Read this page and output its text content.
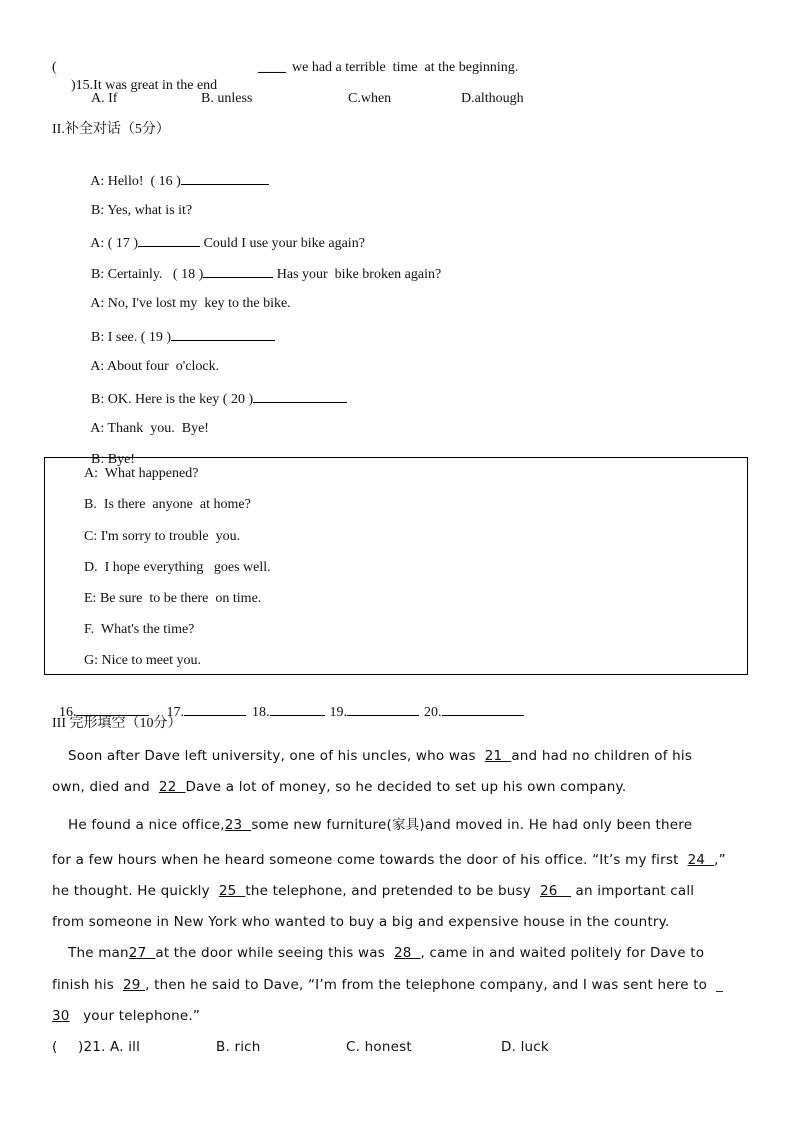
(

)15.It was great in the end

____ we had a terrible  time  at the beginning.
A. If	B. unless	C.when	D.although
II.补全对话（5分）

A: Hello!  ( 16 )

B: Yes, what is it?

A: ( 17 )	Could I use your bike again?

B: Certainly.   ( 18 )	Has your  bike broken again?

A: No, I've lost my  key to the bike.

B: I see. ( 19 )

A: About four  o'clock.

B: OK. Here is the key ( 20 )

A: Thank  you.  Bye!

B: Bye!

A:  What happened?
B.  Is there  anyone  at home?
C: I'm sorry to trouble  you.
D.  I hope everything   goes well.
E: Be sure  to be there  on time.
F.  What's the time?
G: Nice to meet you.

16.	17.	18.	19.	20.

III 完形填空（10分）
Soon after Dave left university, one of his uncles, who was  21  and had no children of his
own, died and  22  Dave a lot of money, so he decided to set up his own company.
He found a nice office,23  some new furniture(家具)and moved in. He had only been there
for a few hours when he heard someone come towards the door of his office. “It’s my first  24  ,”
he thought. He quickly  25  the telephone, and pretended to be busy  26    an important call
from someone in New York who wanted to buy a big and expensive house in the country.
The man27  at the door while seeing this was  28  , came in and waited politely for Dave to
finish his  29 , then he said to Dave, “I’m from the telephone company, and I was sent here to  _
30   your telephone.”
( )21. A. ill	B. rich	C. honest	D. luck
